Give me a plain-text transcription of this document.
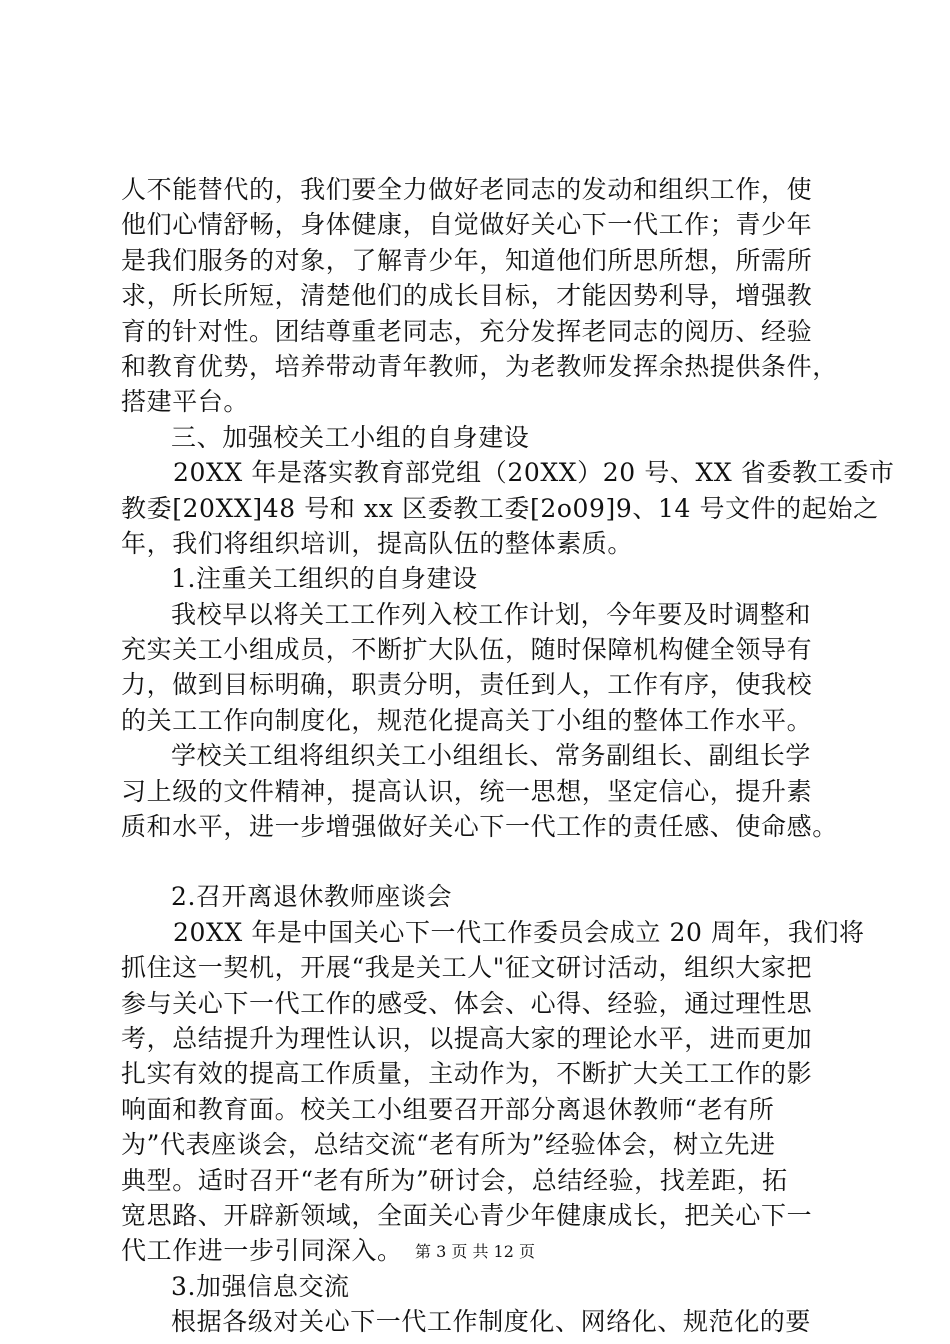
人不能替代的，我们要全力做好老同志的发动和组织工作，使
他们心情舒畅，身体健康，自觉做好关心下一代工作；青少年
是我们服务的对象，了解青少年，知道他们所思所想，所需所
求，所长所短，清楚他们的成长目标，才能因势利导，增强教
育的针对性。团结尊重老同志，充分发挥老同志的阅历、经验
和教育优势，培养带动青年教师，为老教师发挥余热提供条件，
搭建平台。
三、加强校关工小组的自身建设
20XX 年是落实教育部党组（20XX）20 号、XX 省委教工委市
教委[20XX]48 号和 xx 区委教工委[2o09]9、14 号文件的起始之
年，我们将组织培训，提高队伍的整体素质。
1.注重关工组织的自身建设
我校早以将关工工作列入校工作计划，今年要及时调整和
充实关工小组成员，不断扩大队伍，随时保障机构健全领导有
力，做到目标明确，职责分明，责任到人，工作有序，使我校
的关工工作向制度化，规范化提高关丁小组的整体工作水平。
学校关工组将组织关工小组组长、常务副组长、副组长学
习上级的文件精神，提高认识，统一思想，坚定信心，提升素
质和水平，进一步增强做好关心下一代工作的责任感、使命感。
2.召开离退休教师座谈会
20XX 年是中国关心下一代工作委员会成立 20 周年，我们将
抓住这一契机，开展“我是关工人"征文研讨活动，组织大家把
参与关心下一代工作的感受、体会、心得、经验，通过理性思
考，总结提升为理性认识，以提高大家的理论水平，进而更加
扎实有效的提高工作质量，主动作为，不断扩大关工工作的影
响面和教育面。校关工小组要召开部分离退休教师“老有所
为”代表座谈会，总结交流“老有所为”经验体会，树立先进
典型。适时召开“老有所为”研讨会，总结经验，找差距，拓
宽思路、开辟新领域，全面关心青少年健康成长，把关心下一
代工作进一步引同深入。
3.加强信息交流
根据各级对关心下一代工作制度化、网络化、规范化的要
第 3 页 共 12 页
